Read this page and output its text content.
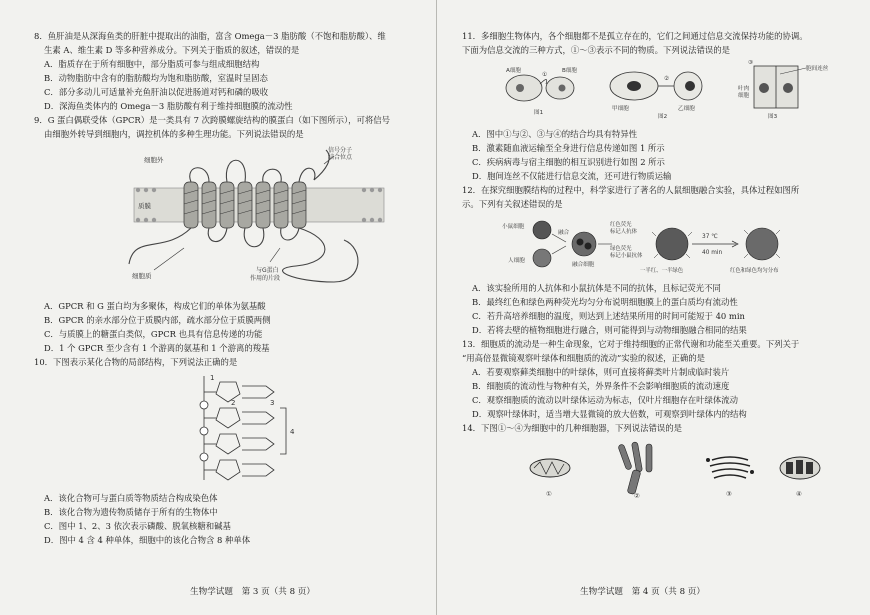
8．鱼肝油是从深海鱼类的肝脏中提取出的油脂，富含 Omega－3 脂肪酸（不饱和脂肪酸）、维

生素 A、维生素 D 等多种营养成分。下列关于脂质的叙述，错误的是

A．脂质存在于所有细胞中，部分脂质可参与组成细胞结构

B．动物脂肪中含有的脂肪酸均为饱和脂肪酸，室温时呈固态

C．部分多动儿可适量补充鱼肝油以促进肠道对钙和磷的吸收

D．深海鱼类体内的 Omega－3 脂肪酸有利于维持细胞膜的流动性

9．G 蛋白偶联受体（GPCR）是一类具有 7 次跨膜螺旋结构的膜蛋白（如下图所示），可将信号

由细胞外转导到细胞内，调控机体的多种生理功能。下列说法错误的是

细胞外
信号分子
结合位点
质膜
细胞质
与G蛋白
作用的片段

A．GPCR 和 G 蛋白均为多聚体，构成它们的单体为氨基酸

B．GPCR 的亲水部分位于质膜内部，疏水部分位于质膜两侧

C．与质膜上的糖蛋白类似，GPCR 也具有信息传递的功能

D．1 个 GPCR 至少含有 1 个游离的氨基和 1 个游离的羧基

10．下图表示某化合物的局部结构，下列说法正确的是

1
2	3
4

A．该化合物可与蛋白质等物质结合构成染色体

B．该化合物为遗传物质储存于所有的生物体中

C．图中 1、2、3 依次表示磷酸、脱氧核糖和碱基

D．图中 4 含 4 种单体，细胞中的该化合物含 8 种单体

生物学试题　第 3 页（共 8 页）

11．多细胞生物体内，各个细胞都不是孤立存在的，它们之间通过信息交流保持功能的协调。

下面为信息交流的三种方式，①～③表示不同的物质。下列说法错误的是

A细胞	B细胞
①
图1
甲细胞	乙细胞
②
图2
③
胞间连丝
叶肉
细胞
图3

A．图中①与②、③与④的结合均具有特异性

B．激素随血液运输至全身进行信息传递如图 1 所示

C．疾病病毒与宿主细胞的相互识别进行如图 2 所示

D．胞间连丝不仅能进行信息交流，还可进行物质运输

12．在探究细胞膜结构的过程中，科学家进行了著名的人鼠细胞融合实验，具体过程如图所

示。下列有关叙述错误的是

小鼠细胞
人细胞
融合
融合细胞
红色荧光
标记人抗体
绿色荧光
标记小鼠抗体
37 ℃
40 min
一半红、一半绿色	红色和绿色均匀分布

A．该实验所用的人抗体和小鼠抗体是不同的抗体，且标记荧光不同

B．最终红色和绿色两种荧光均匀分布说明细胞膜上的蛋白质均有流动性

C．若升高培养细胞的温度，则达到上述结果所用的时间可能短于 40 min

D．若将去壁的植物细胞进行融合，则可能得到与动物细胞融合相同的结果

13．细胞质的流动是一种生命现象，它对于维持细胞的正常代谢和功能至关重要。下列关于

“用高倍显微镜观察叶绿体和细胞质的流动”实验的叙述，正确的是

A．若要观察藓类细胞中的叶绿体，则可直接将藓类叶片制成临时装片

B．细胞质的流动性与物种有关，外界条件不会影响细胞质的流动速度

C．观察细胞质的流动以叶绿体运动为标志，仅叶片细胞存在叶绿体流动

D．观察叶绿体时，适当增大显微镜的放大倍数，可观察到叶绿体内的结构

14．下图①～④为细胞中的几种细胞器，下列说法错误的是

①	②	③	④
生物学试题　第 4 页（共 8 页）
